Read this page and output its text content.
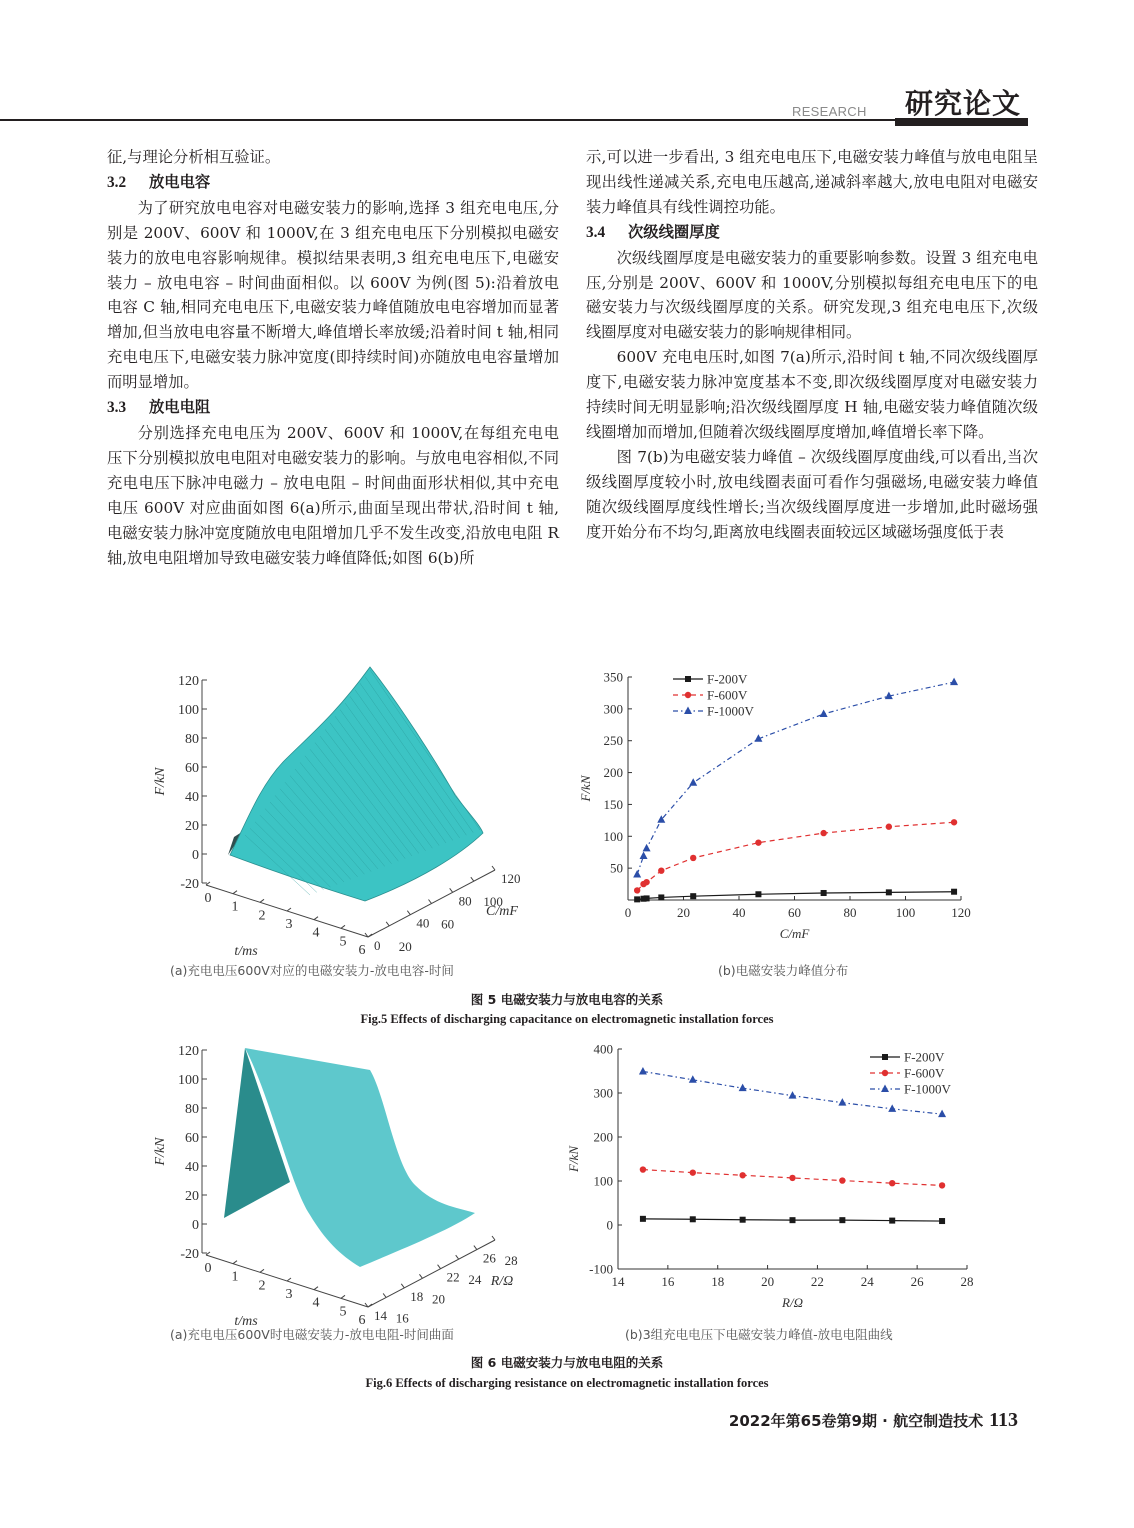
RESEARCH 研究论文

征,与理论分析相互验证。

3.2 放电电容

为了研究放电电容对电磁安装力的影响,选择 3 组充电电压,分别是 200V、600V 和 1000V,在 3 组充电电压下分别模拟电磁安装力的放电电容影响规律。模拟结果表明,3 组充电电压下,电磁安装力 – 放电电容 – 时间曲面相似。以 600V 为例(图 5):沿着放电电容 C 轴,相同充电电压下,电磁安装力峰值随放电电容增加而显著增加,但当放电电容量不断增大,峰值增长率放缓;沿着时间 t 轴,相同充电电压下,电磁安装力脉冲宽度(即持续时间)亦随放电电容量增加而明显增加。

3.3 放电电阻

分别选择充电电压为 200V、600V 和 1000V,在每组充电电压下分别模拟放电电阻对电磁安装力的影响。与放电电容相似,不同充电电压下脉冲电磁力 – 放电电阻 – 时间曲面形状相似,其中充电电压 600V 对应曲面如图 6(a)所示,曲面呈现出带状,沿时间 t 轴,电磁安装力脉冲宽度随放电电阻增加几乎不发生改变,沿放电电阻 R 轴,放电电阻增加导致电磁安装力峰值降低;如图 6(b)所

示,可以进一步看出, 3 组充电电压下,电磁安装力峰值与放电电阻呈现出线性递减关系,充电电压越高,递减斜率越大,放电电阻对电磁安装力峰值具有线性调控功能。

3.4 次级线圈厚度

次级线圈厚度是电磁安装力的重要影响参数。设置 3 组充电电压,分别是 200V、600V 和 1000V,分别模拟每组充电电压下的电磁安装力与次级线圈厚度的关系。研究发现,3 组充电电压下,次级线圈厚度对电磁安装力的影响规律相同。

600V 充电电压时,如图 7(a)所示,沿时间 t 轴,不同次级线圈厚度下,电磁安装力脉冲宽度基本不变,即次级线圈厚度对电磁安装力持续时间无明显影响;沿次级线圈厚度 H 轴,电磁安装力峰值随次级线圈增加而增加,但随着次级线圈厚度增加,峰值增长率下降。

图 7(b)为电磁安装力峰值 – 次级线圈厚度曲线,可以看出,当次级线圈厚度较小时,放电线圈表面可看作匀强磁场,电磁安装力峰值随次级线圈厚度线性增长;当次级线圈厚度进一步增加,此时磁场强度开始分布不均匀,距离放电线圈表面较远区域磁场强度低于表

120
100
80
60
40
20
0
-20
F/kN
0
1
2
3
4
5
6
t/ms	0 20
40 60
80 100
120
C/mF	0	20	40	60	80	100	120
50
100
150
200
250
300
350
C/mF
F/kN
F-200V
F-600V
F-1000V
(a)充电电压600V对应的电磁安装力-放电电容-时间	(b)电磁安装力峰值分布
图 5 电磁安装力与放电电容的关系
Fig.5 Effects of discharging capacitance on electromagnetic installation forces
120
100
80
60
40
20
0
-20
F/kN
0
1
2
3
4
5
6
t/ms	14 16
18 20
22 24
26 28
R/Ω	14	16	18	20	22	24	26	28
-100
0
100
200
300
400
R/Ω
F/kN
F-200V
F-600V
F-1000V
(a)充电电压600V时电磁安装力-放电电阻-时间曲面	(b)3组充电电压下电磁安装力峰值-放电电阻曲线
图 6 电磁安装力与放电电阻的关系
Fig.6 Effects of discharging resistance on electromagnetic installation forces
2022年第65卷第9期 · 航空制造技术 113
